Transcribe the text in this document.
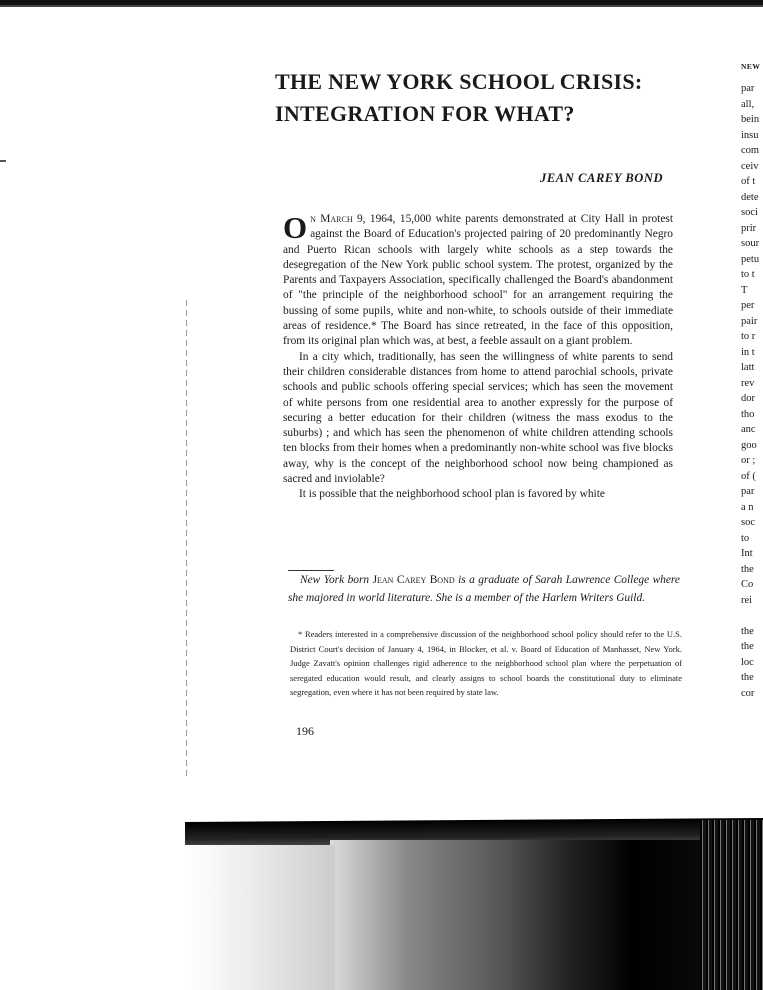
THE NEW YORK SCHOOL CRISIS:
INTEGRATION FOR WHAT?
JEAN CAREY BOND

On March 9, 1964, 15,000 white parents demonstrated at City Hall in protest against the Board of Education's projected pairing of 20 predominantly Negro and Puerto Rican schools with largely white schools as a step towards the desegregation of the New York public school system. The protest, organized by the Parents and Taxpayers Association, specifically challenged the Board's abandonment of "the principle of the neighborhood school" for an arrangement requiring the bussing of some pupils, white and non-white, to schools outside of their immediate areas of residence.* The Board has since retreated, in the face of this opposition, from its original plan which was, at best, a feeble assault on a giant problem.

In a city which, traditionally, has seen the willingness of white parents to send their children considerable distances from home to attend parochial schools, private schools and public schools offering special services; which has seen the movement of white persons from one residential area to another expressly for the purpose of securing a better education for their children (witness the mass exodus to the suburbs) ; and which has seen the phenomenon of white children attending schools ten blocks from their homes when a predominantly non-white school was five blocks away, why is the concept of the neighborhood school now being championed as sacred and inviolable?

It is possible that the neighborhood school plan is favored by white

New York born Jean Carey Bond is a graduate of Sarah Lawrence College where she majored in world literature. She is a member of the Harlem Writers Guild.
* Readers interested in a comprehensive discussion of the neighborhood school policy should refer to the U.S. District Court's decision of January 4, 1964, in Blocker, et al. v. Board of Education of Manhasset, New York. Judge Zavatt's opinion challenges rigid adherence to the neighborhood school plan where the perpetuation of seregated education would result, and clearly assigns to school boards the constitutional duty to eliminate segregation, even where it has not been required by state law.
196
NEW
par
all,
bein
insu
com
ceiv
of t
dete
soci
prir
sour
petu
to t
T
per
pair
to r
in t
latt
rev
dor
tho
anc
goo
or ;
of (
par
a n
soc
to
Int
the
Co
rei
the
the
loc
the
cor
